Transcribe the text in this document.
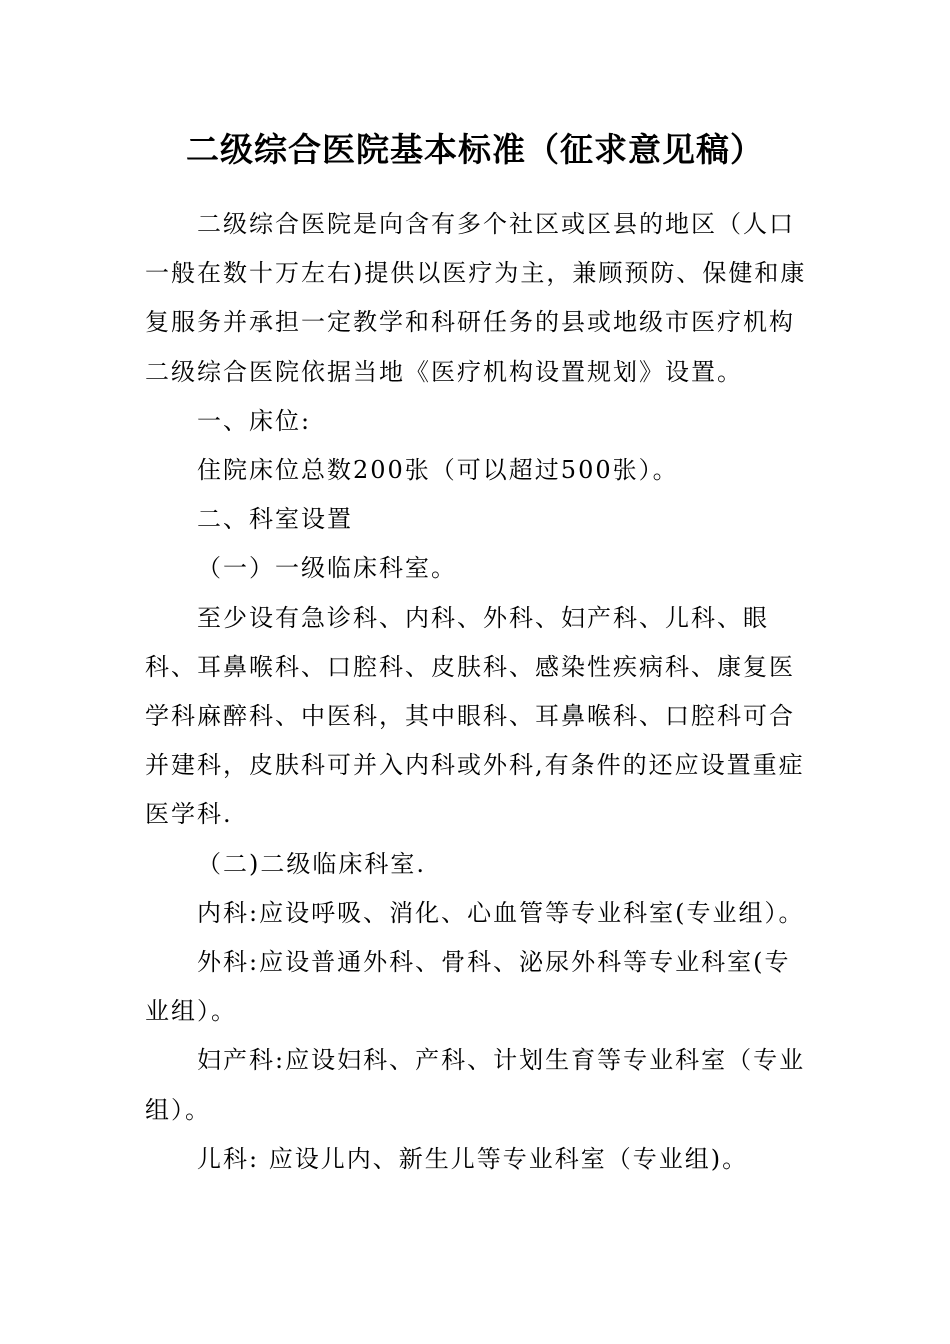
二级综合医院基本标准（征求意见稿）

二级综合医院是向含有多个社区或区县的地区（人口一般在数十万左右)提供以医疗为主，兼顾预防、保健和康复服务并承担一定教学和科研任务的县或地级市医疗机构二级综合医院依据当地《医疗机构设置规划》设置。

一、床位:

住院床位总数200张（可以超过500张）。

二、科室设置

（一）一级临床科室。

至少设有急诊科、内科、外科、妇产科、儿科、眼科、耳鼻喉科、口腔科、皮肤科、感染性疾病科、康复医学科麻醉科、中医科，其中眼科、耳鼻喉科、口腔科可合并建科，皮肤科可并入内科或外科,有条件的还应设置重症医学科.

（二)二级临床科室.

内科:应设呼吸、消化、心血管等专业科室(专业组）。

外科:应设普通外科、骨科、泌尿外科等专业科室(专业组）。

妇产科:应设妇科、产科、计划生育等专业科室（专业组）。

儿科: 应设儿内、新生儿等专业科室（专业组)。
